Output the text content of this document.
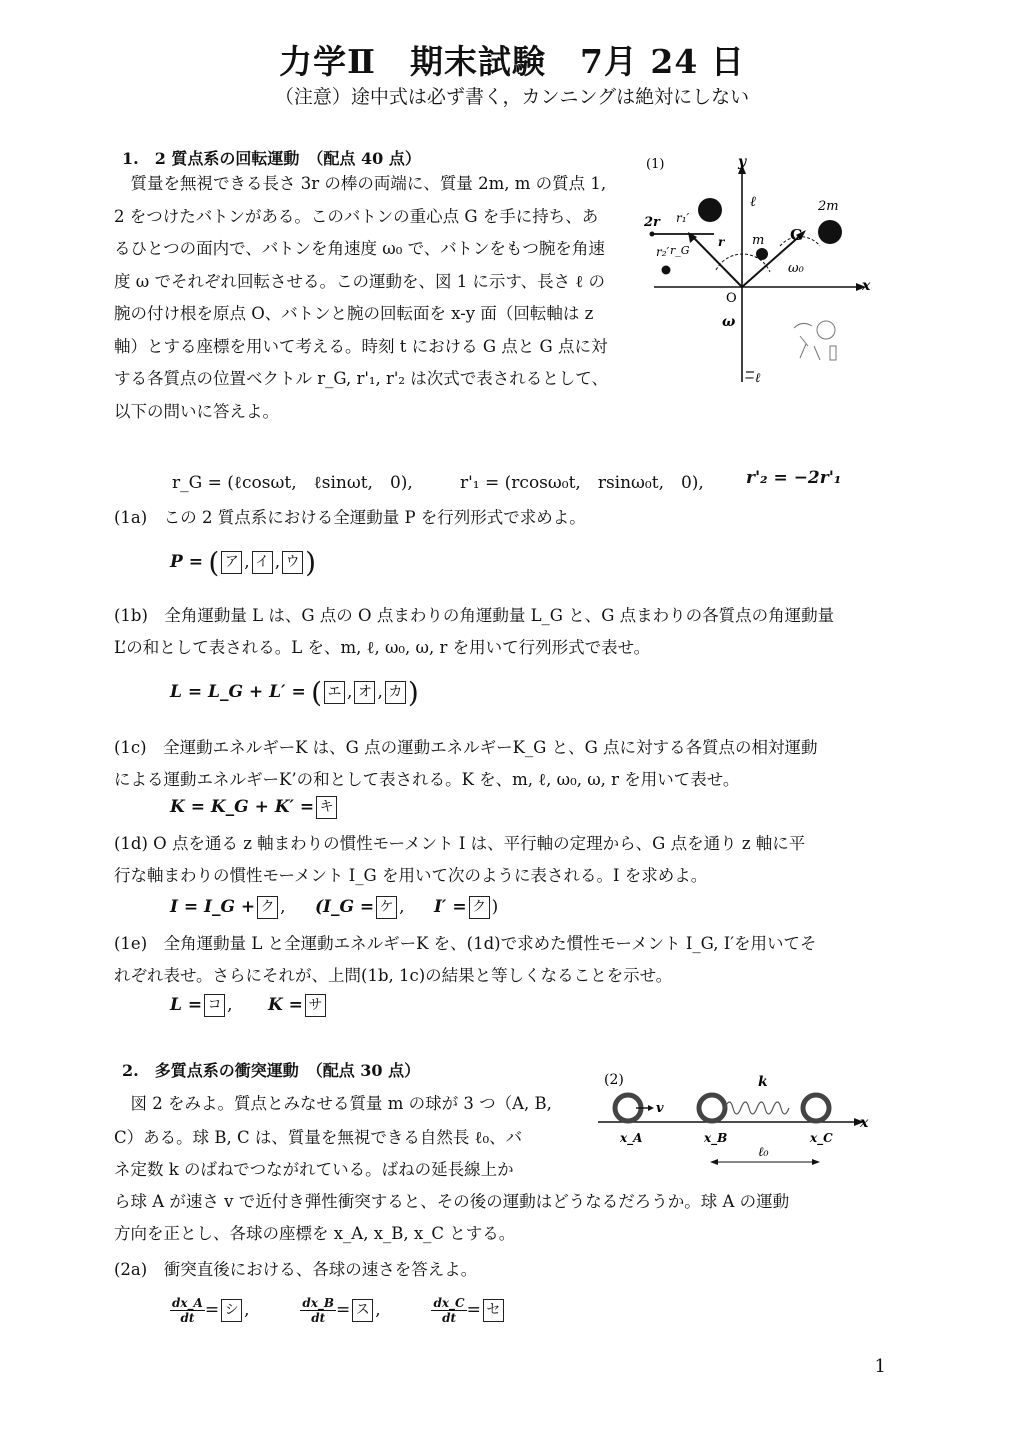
力学Ⅱ　期末試験　7月 24 日
（注意）途中式は必ず書く，カンニングは絶対にしない
1.　2 質点系の回転運動　（配点 40 点）
　質量を無視できる長さ 3r の棒の両端に、質量 2m, m の質点 1, 2 をつけたバトンがある。このバトンの重心点 G を手に持ち、あるひとつの面内で、バトンを角速度 ω₀ で、バトンをもつ腕を角速度 ω でそれぞれ回転させる。この運動を、図 1 に示す、長さ ℓ の腕の付け根を原点 O、バトンと腕の回転面を x-y 面（回転軸は z 軸）とする座標を用いて考える。時刻 t における G 点と G 点に対する各質点の位置ベクトル r_G, r'₁, r'₂ は次式で表されるとして、以下の問いに答えよ。
(1)	y
x
O
ℓ
−ℓ
ω
2r
r
r₁′
r₂′ r_G
m
2m
G
ω₀
r_G = (ℓcosωt,　ℓsinωt,　0),	r'₁ = (rcosω₀t,　rsinω₀t,　0), r'₂ = −2r'₁
(1a)　この 2 質点系における全運動量 P を行列形式で求めよ。
P = ( ア , イ , ウ )
(1b)　全角運動量 L は、G 点の O 点まわりの角運動量 L_G と、G 点まわりの各質点の角運動量
L’の和として表される。L を、m, ℓ, ω₀, ω, r を用いて行列形式で表せ。
L = L_G + L′ = ( エ , オ , カ )
(1c)　全運動エネルギーK は、G 点の運動エネルギーK_G と、G 点に対する各質点の相対運動
による運動エネルギーK’の和として表される。K を、m, ℓ, ω₀, ω, r を用いて表せ。
K = K_G + K′ = キ
(1d) O 点を通る z 軸まわりの慣性モーメント I は、平行軸の定理から、G 点を通り z 軸に平
行な軸まわりの慣性モーメント I_G を用いて次のように表される。I を求めよ。
I = I_G + ク , (I_G = ケ , I′ = ク )
(1e)　全角運動量 L と全運動エネルギーK を、(1d)で求めた慣性モーメント I_G, I′を用いてそ
れぞれ表せ。さらにそれが、上問(1b, 1c)の結果と等しくなることを示せ。
L = コ , K = サ
2.　多質点系の衝突運動　（配点 30 点）
　図 2 をみよ。質点とみなせる質量 m の球が 3 つ（A, B,
C）ある。球 B, C は、質量を無視できる自然長 ℓ₀、バ
ネ定数 k のばねでつながれている。ばねの延長線上か
ら球 A が速さ v で近付き弾性衝突すると、その後の運動はどうなるだろうか。球 A の運動
方向を正とし、各球の座標を x_A, x_B, x_C とする。
(2a)　衝突直後における、各球の速さを答えよ。
(2)
x
v
k
x_A	x_B	x_C
ℓ₀
$\frac{dx\_A}{dt}$ = シ ,	$\frac{dx\_B}{dt}$ = ス ,	$\frac{dx\_C}{dt}$ = セ
1
